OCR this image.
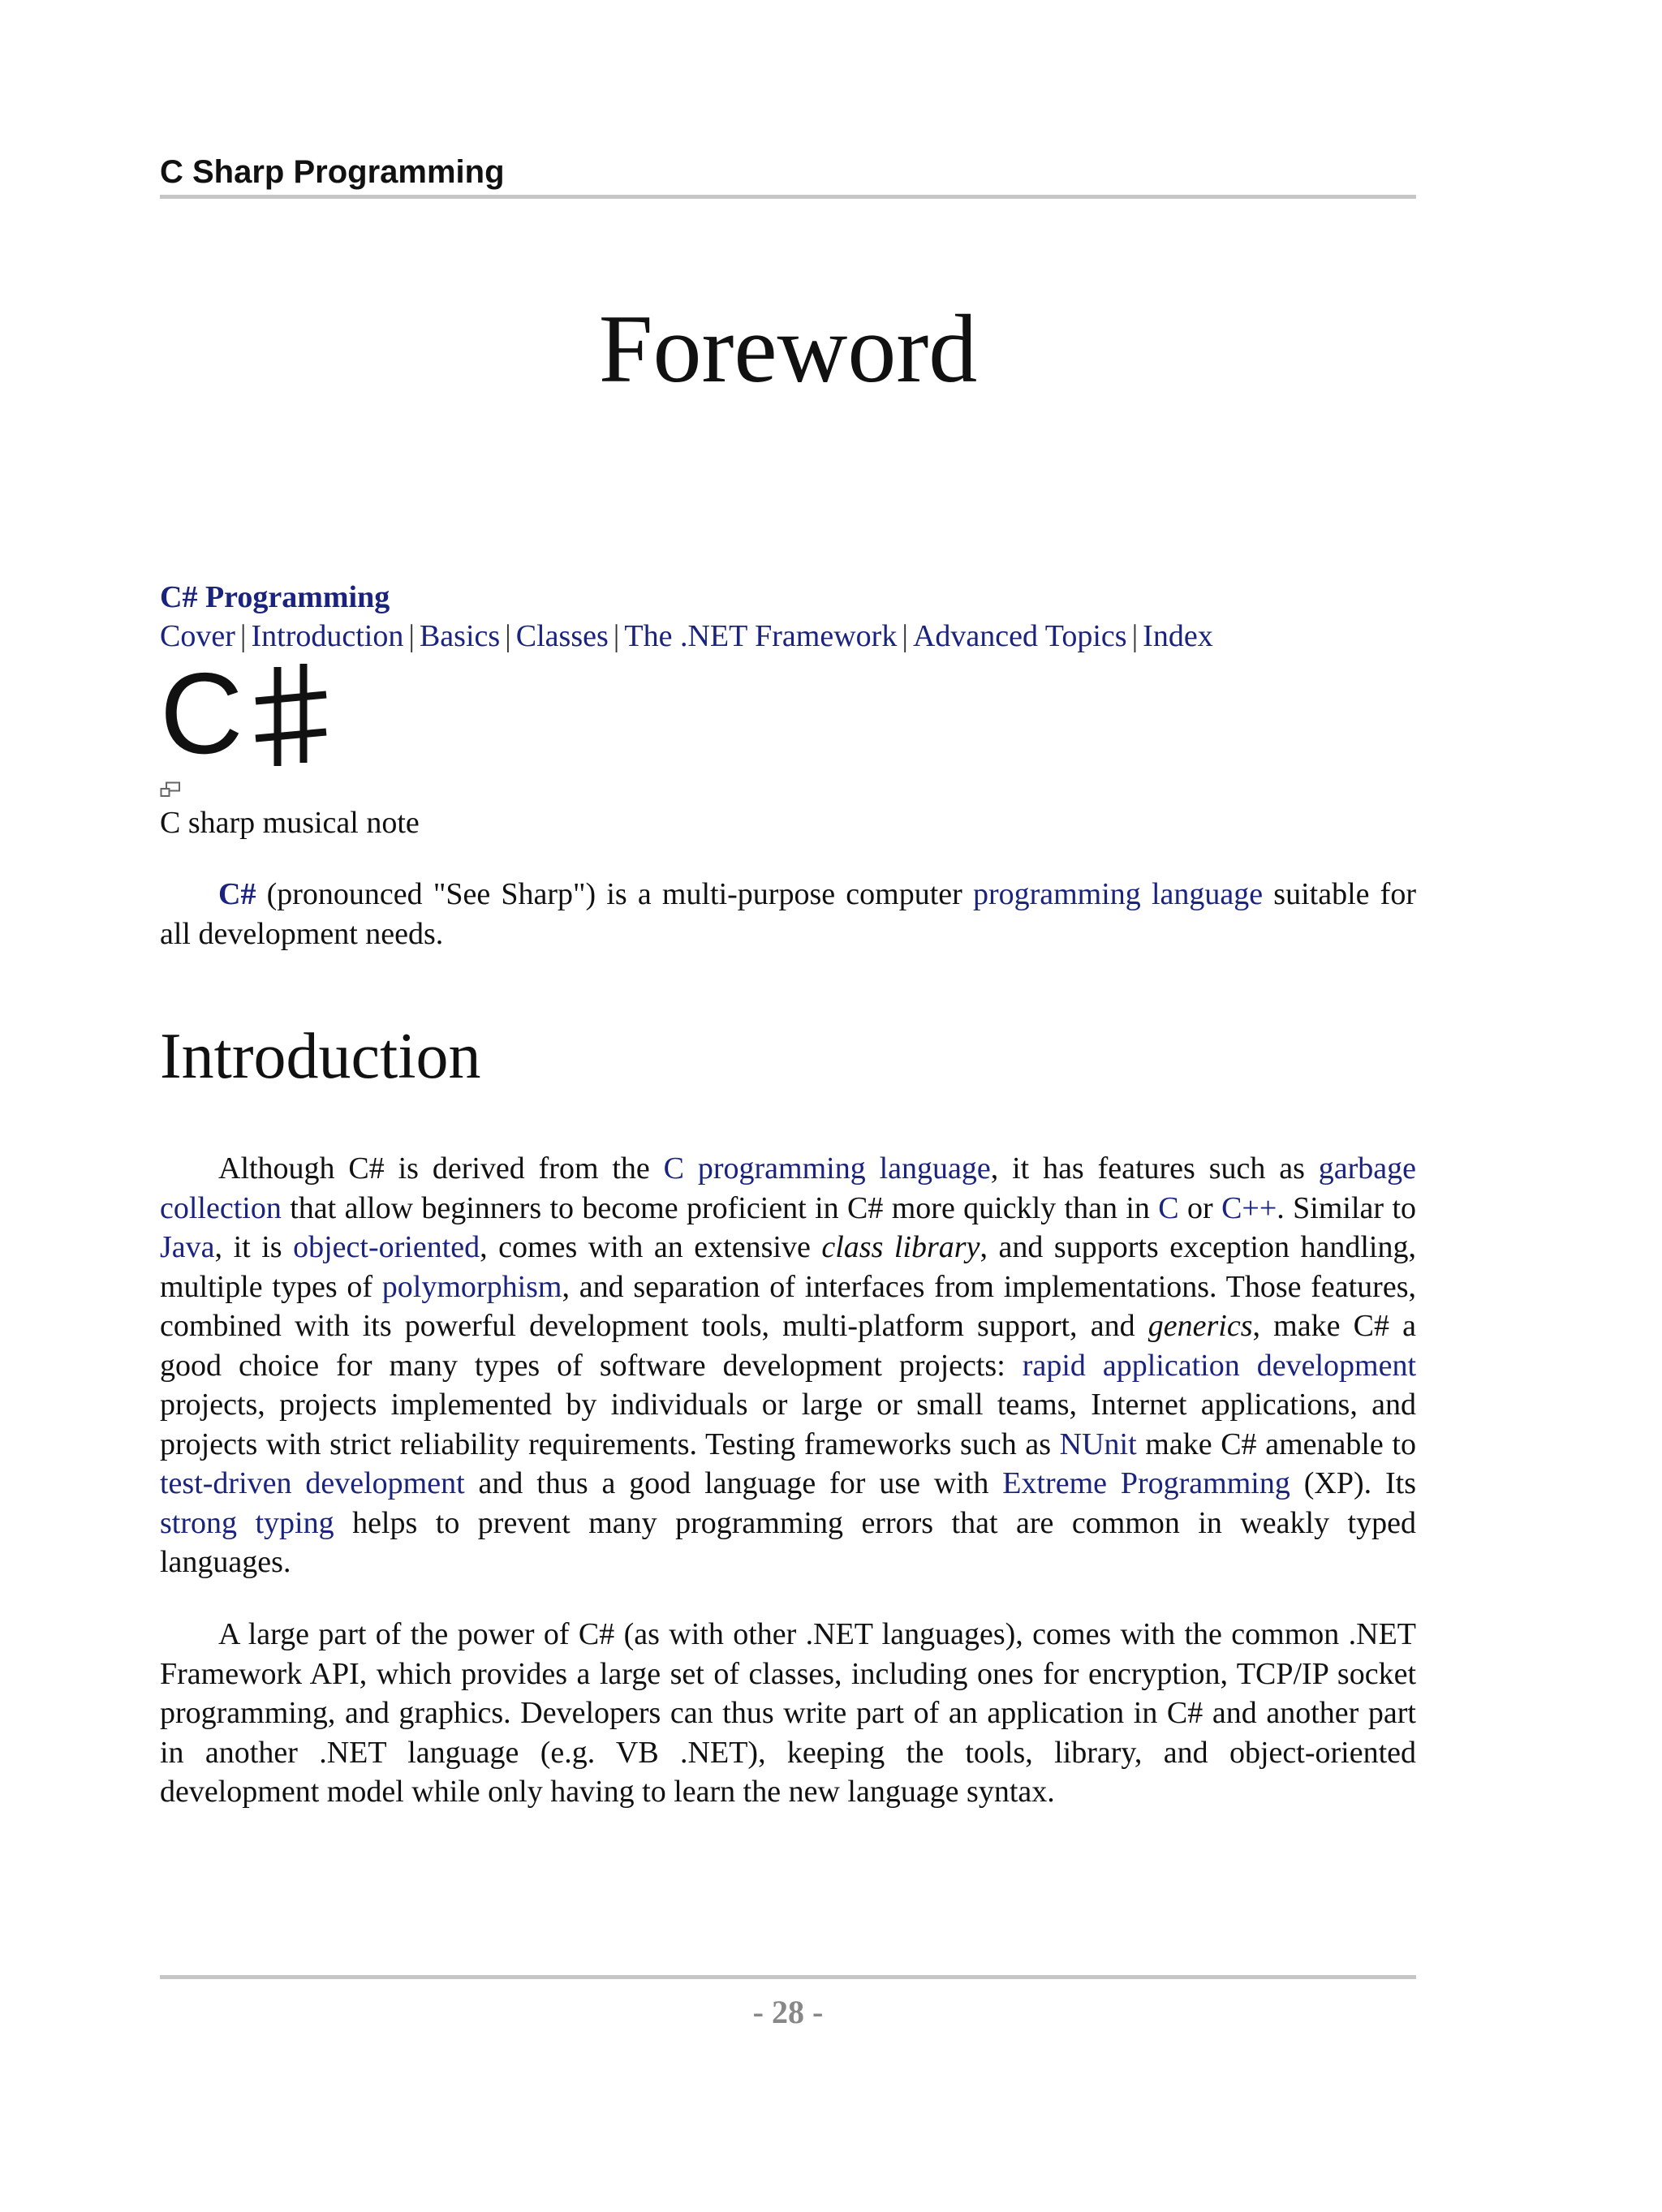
C Sharp Programming
Foreword
C# Programming
Cover | Introduction | Basics | Classes | The .NET Framework | Advanced Topics | Index
C
C sharp musical note

C# (pronounced "See Sharp") is a multi-purpose computer programming language suitable for all development needs.

Introduction

Although C# is derived from the C programming language, it has features such as garbage collection that allow beginners to become proficient in C# more quickly than in C or C++. Similar to Java, it is object-oriented, comes with an extensive class library, and supports exception handling, multiple types of polymorphism, and separation of interfaces from implementations. Those features, combined with its powerful development tools, multi-platform support, and generics, make C# a good choice for many types of software development projects: rapid application development projects, projects implemented by individuals or large or small teams, Internet applications, and projects with strict reliability requirements. Testing frameworks such as NUnit make C# amenable to test-driven development and thus a good language for use with Extreme Programming (XP). Its strong typing helps to prevent many programming errors that are common in weakly typed languages.

A large part of the power of C# (as with other .NET languages), comes with the common .NET Framework API, which provides a large set of classes, including ones for encryption, TCP/IP socket programming, and graphics. Developers can thus write part of an application in C# and another part in another .NET language (e.g. VB .NET), keeping the tools, library, and object-oriented development model while only having to learn the new language syntax.

- 28 -
